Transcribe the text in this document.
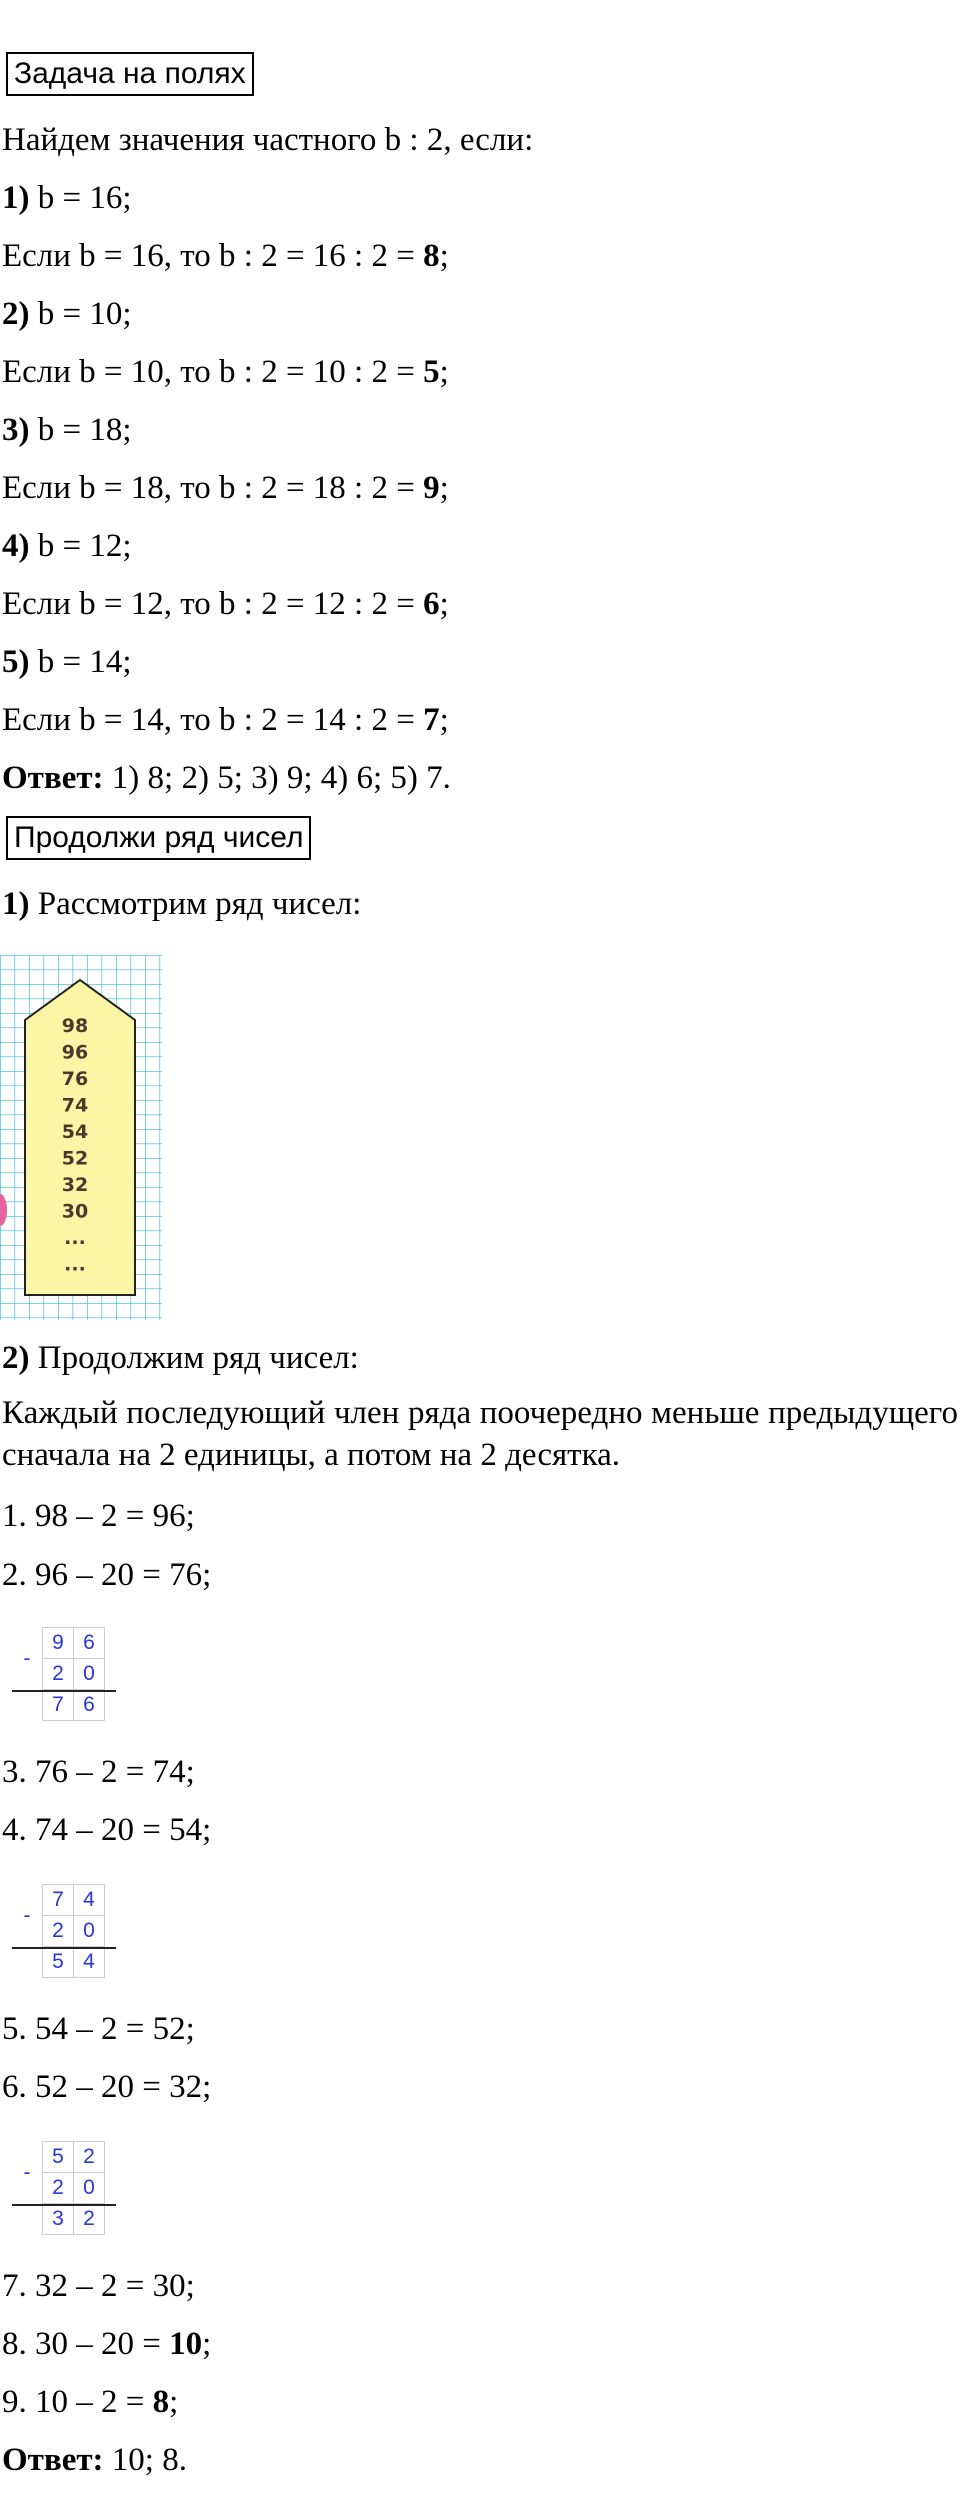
Задача на полях
Найдем значения частного b : 2, если:
1) b = 16;
Если b = 16, то b : 2 = 16 : 2 = 8;
2) b = 10;
Если b = 10, то b : 2 = 10 : 2 = 5;
3) b = 18;
Если b = 18, то b : 2 = 18 : 2 = 9;
4) b = 12;
Если b = 12, то b : 2 = 12 : 2 = 6;
5) b = 14;
Если b = 14, то b : 2 = 14 : 2 = 7;
Ответ: 1) 8; 2) 5; 3) 9; 4) 6; 5) 7.
Продолжи ряд чисел
1) Рассмотрим ряд чисел:
98
96
76
74
54
52
32
30
...
...
2) Продолжим ряд чисел:
Каждый последующий член ряда поочередно меньше предыдущего сначала на 2 единицы, а потом на 2 десятка.
1. 98 – 2 = 96;
2. 96 – 20 = 76;
-	9	6
	2	0
	7	6
3. 76 – 2 = 74;
4. 74 – 20 = 54;
-	7	4
	2	0
	5	4
5. 54 – 2 = 52;
6. 52 – 20 = 32;
-	5	2
	2	0
	3	2
7. 32 – 2 = 30;
8. 30 – 20 = 10;
9. 10 – 2 = 8;
Ответ: 10; 8.
